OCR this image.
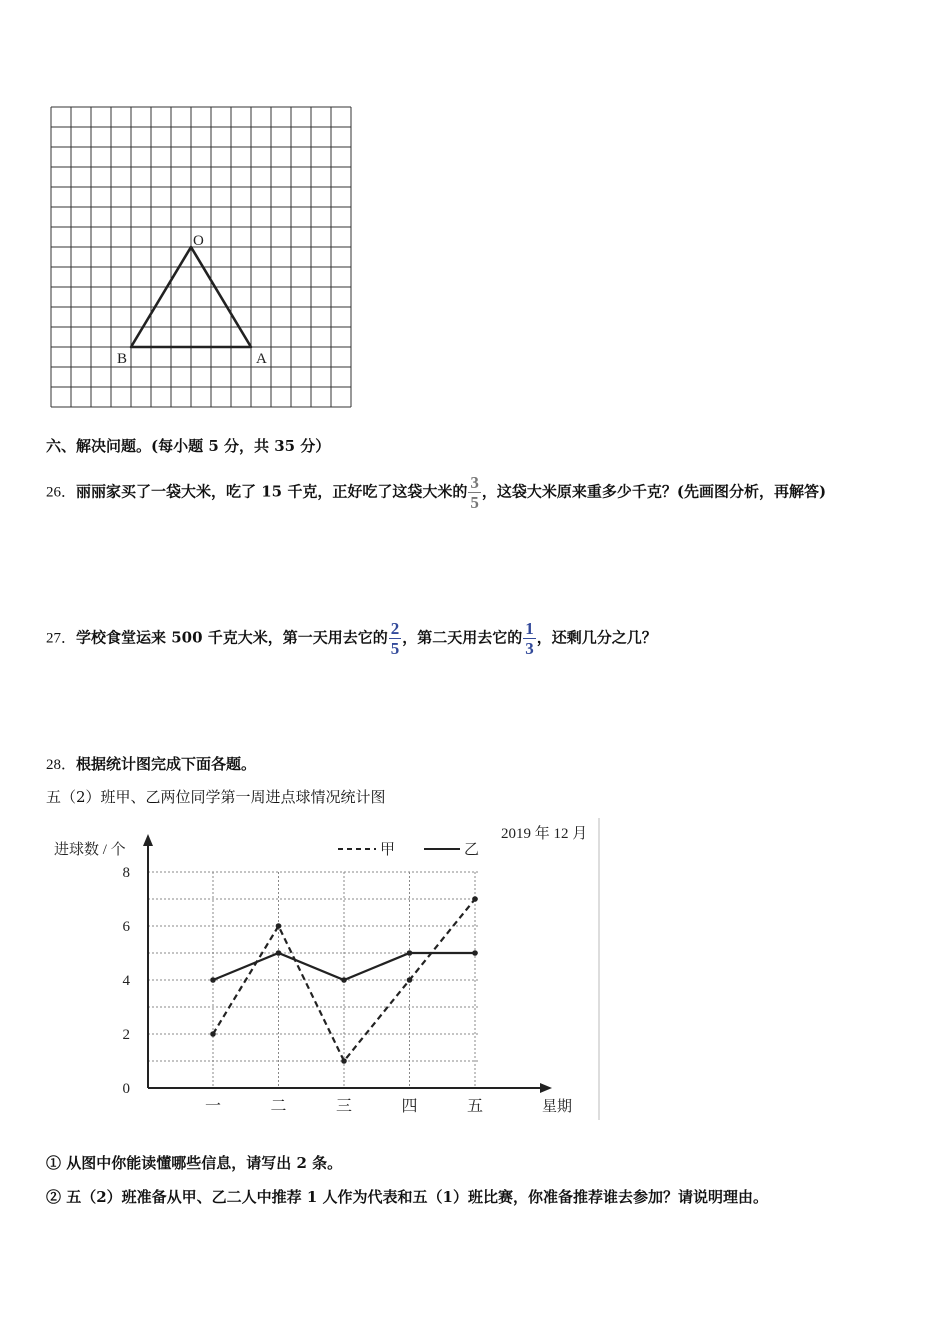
O
B	A
六、解决问题。(每小题 5 分，共 35 分）
26．丽丽家买了一袋大米，吃了 15 千克，正好吃了这袋大米的 $\frac{3}{5}$ ，这袋大米原来重多少千克？(先画图分析，再解答)
27．学校食堂运来 500 千克大米，第一天用去它的 $\frac{2}{5}$ ，第二天用去它的 $\frac{1}{3}$ ，还剩几分之几？
28．根据统计图完成下面各题。
五（2）班甲、乙两位同学第一周进点球情况统计图
0
2
4
6
8
一	二	三	四	五
进球数 / 个
星期
2019 年 12 月
甲	乙
① 从图中你能读懂哪些信息，请写出 2 条。
② 五（2）班准备从甲、乙二人中推荐 1 人作为代表和五（1）班比赛，你准备推荐谁去参加？请说明理由。
